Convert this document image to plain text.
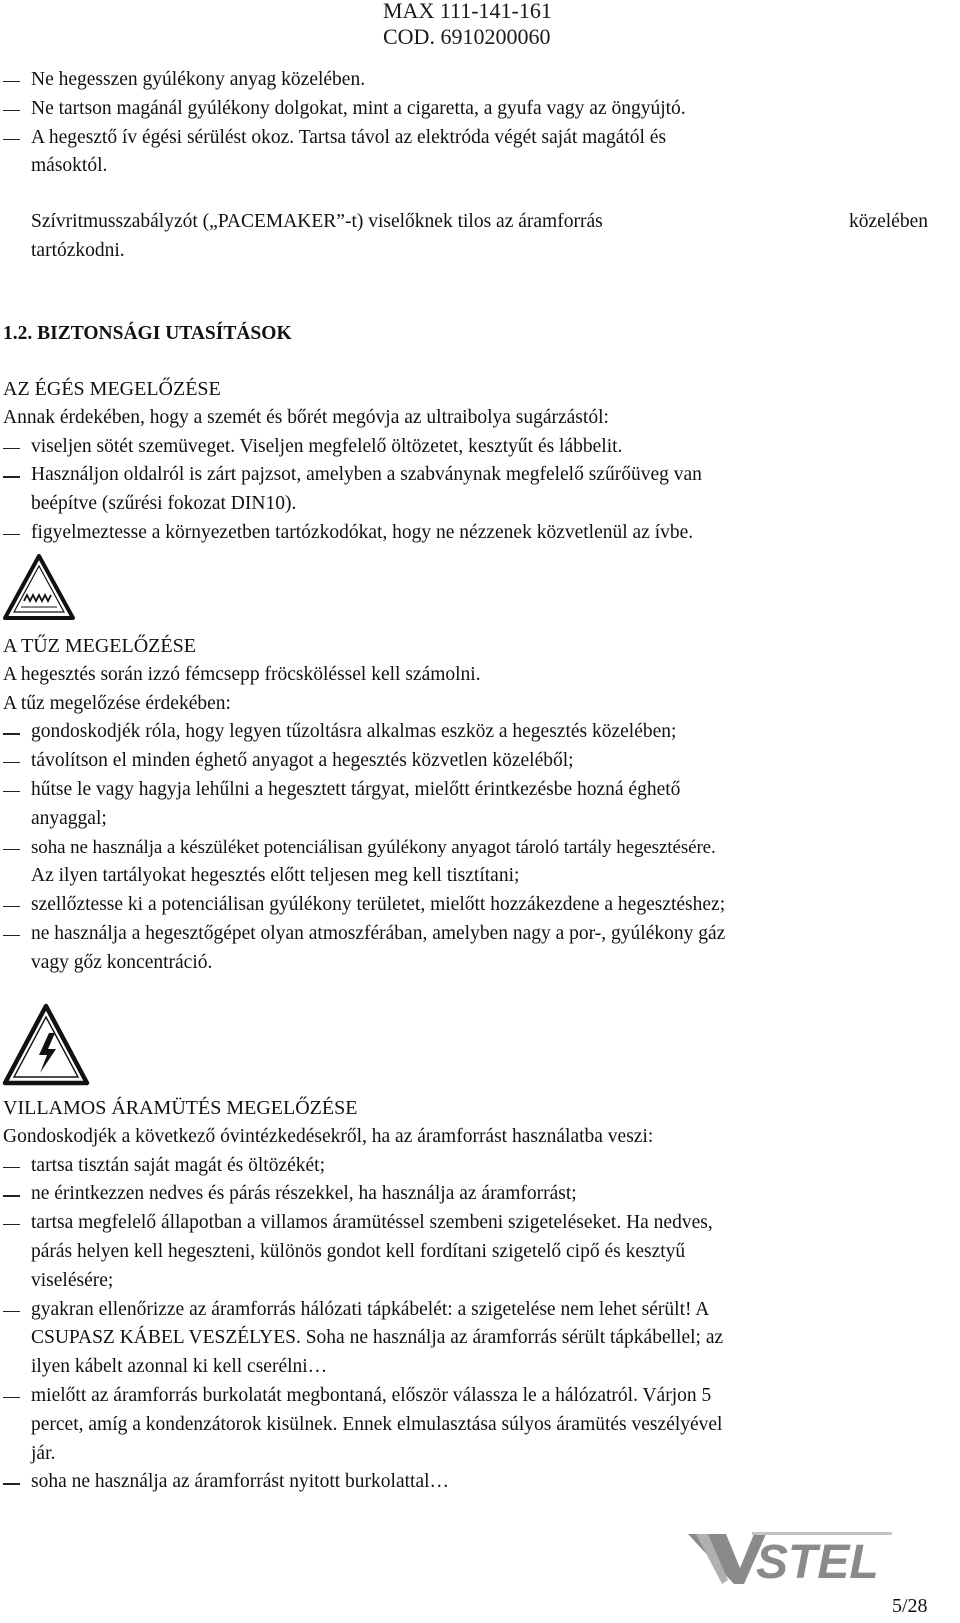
MAX 111-141-161
COD. 6910200060
Ne hegesszen gyúlékony anyag közelében.
Ne tartson magánál gyúlékony dolgokat, mint a cigaretta, a gyufa vagy az öngyújtó.
A hegesztő ív égési sérülést okoz. Tartsa távol az elektróda végét saját magától és
másoktól.
Szívritmusszabályzót („PACEMAKER”-t) viselőknek tilos az áramforrás	közelében
tartózkodni.
1.2. BIZTONSÁGI UTASÍTÁSOK
AZ ÉGÉS MEGELŐZÉSE
Annak érdekében, hogy a szemét és bőrét megóvja az ultraibolya sugárzástól:
viseljen sötét szemüveget. Viseljen megfelelő öltözetet, kesztyűt és lábbelit.
Használjon oldalról is zárt pajzsot, amelyben a szabványnak megfelelő szűrőüveg van
beépítve (szűrési fokozat DIN10).
figyelmeztesse a környezetben tartózkodókat, hogy ne nézzenek közvetlenül az ívbe.
A TŰZ MEGELŐZÉSE
A hegesztés során izzó fémcsepp fröcsköléssel kell számolni.
A tűz megelőzése érdekében:
gondoskodjék róla, hogy legyen tűzoltásra alkalmas eszköz a hegesztés közelében;
távolítson el minden éghető anyagot a hegesztés közvetlen közeléből;
hűtse le vagy hagyja lehűlni a hegesztett tárgyat, mielőtt érintkezésbe hozná éghető
anyaggal;
soha ne használja a készüléket potenciálisan gyúlékony anyagot tároló tartály hegesztésére.
Az ilyen tartályokat hegesztés előtt teljesen meg kell tisztítani;
szellőztesse ki a potenciálisan gyúlékony területet, mielőtt hozzákezdene a hegesztéshez;
ne használja a hegesztőgépet olyan atmoszférában, amelyben nagy a por-, gyúlékony gáz
vagy gőz koncentráció.
VILLAMOS ÁRAMÜTÉS MEGELŐZÉSE
Gondoskodjék a következő óvintézkedésekről, ha az áramforrást használatba veszi:
tartsa tisztán saját magát és öltözékét;
ne érintkezzen nedves és párás részekkel, ha használja az áramforrást;
tartsa megfelelő állapotban a villamos áramütéssel szembeni szigeteléseket. Ha nedves,
párás helyen kell hegeszteni, különös gondot kell fordítani szigetelő cipő és kesztyű
viselésére;
gyakran ellenőrizze az áramforrás hálózati tápkábelét: a szigetelése nem lehet sérült! A
CSUPASZ KÁBEL VESZÉLYES. Soha ne használja az áramforrás sérült tápkábellel; az
ilyen kábelt azonnal ki kell cserélni…
mielőtt az áramforrás burkolatát megbontaná, először válassza le a hálózatról. Várjon 5
percet, amíg a kondenzátorok kisülnek. Ennek elmulasztása súlyos áramütés veszélyével
jár.
soha ne használja az áramforrást nyitott burkolattal…
STEL
5/28
